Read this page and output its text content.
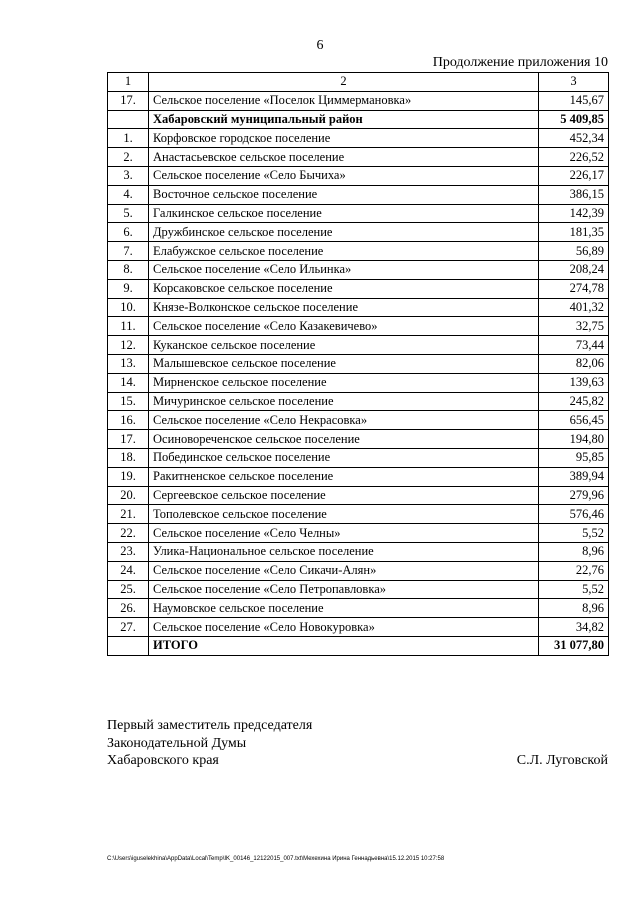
6
Продолжение приложения 10
1	2	3
17.	Сельское поселение «Поселок Циммермановка»	145,67
	Хабаровский муниципальный район	5 409,85
1.	Корфовское городское поселение	452,34
2.	Анастасьевское сельское поселение	226,52
3.	Сельское поселение «Село Бычиха»	226,17
4.	Восточное сельское поселение	386,15
5.	Галкинское сельское поселение	142,39
6.	Дружбинское сельское поселение	181,35
7.	Елабужское сельское поселение	56,89
8.	Сельское поселение «Село Ильинка»	208,24
9.	Корсаковское сельское поселение	274,78
10.	Князе-Волконское сельское поселение	401,32
11.	Сельское поселение «Село Казакевичево»	32,75
12.	Куканское сельское поселение	73,44
13.	Малышевское сельское поселение	82,06
14.	Мирненское сельское поселение	139,63
15.	Мичуринское сельское поселение	245,82
16.	Сельское поселение «Село Некрасовка»	656,45
17.	Осиновореченское сельское поселение	194,80
18.	Побединское сельское поселение	95,85
19.	Ракитненское сельское поселение	389,94
20.	Сергеевское сельское поселение	279,96
21.	Тополевское сельское поселение	576,46
22.	Сельское поселение «Село Челны»	5,52
23.	Улика-Национальное сельское поселение	8,96
24.	Сельское поселение «Село Сикачи-Алян»	22,76
25.	Сельское поселение «Село Петропавловка»	5,52
26.	Наумовское сельское поселение	8,96
27.	Сельское поселение «Село Новокуровка»	34,82
	ИТОГО	31 077,80
Первый заместитель председателя
Законодательной Думы
Хабаровского края	С.Л. Луговской
C:\Users\iguselekhina\AppData\Local\Temp\IK_00146_12122015_007.txt\Мехехина Ирина Геннадьевна\15.12.2015 10:27:58
